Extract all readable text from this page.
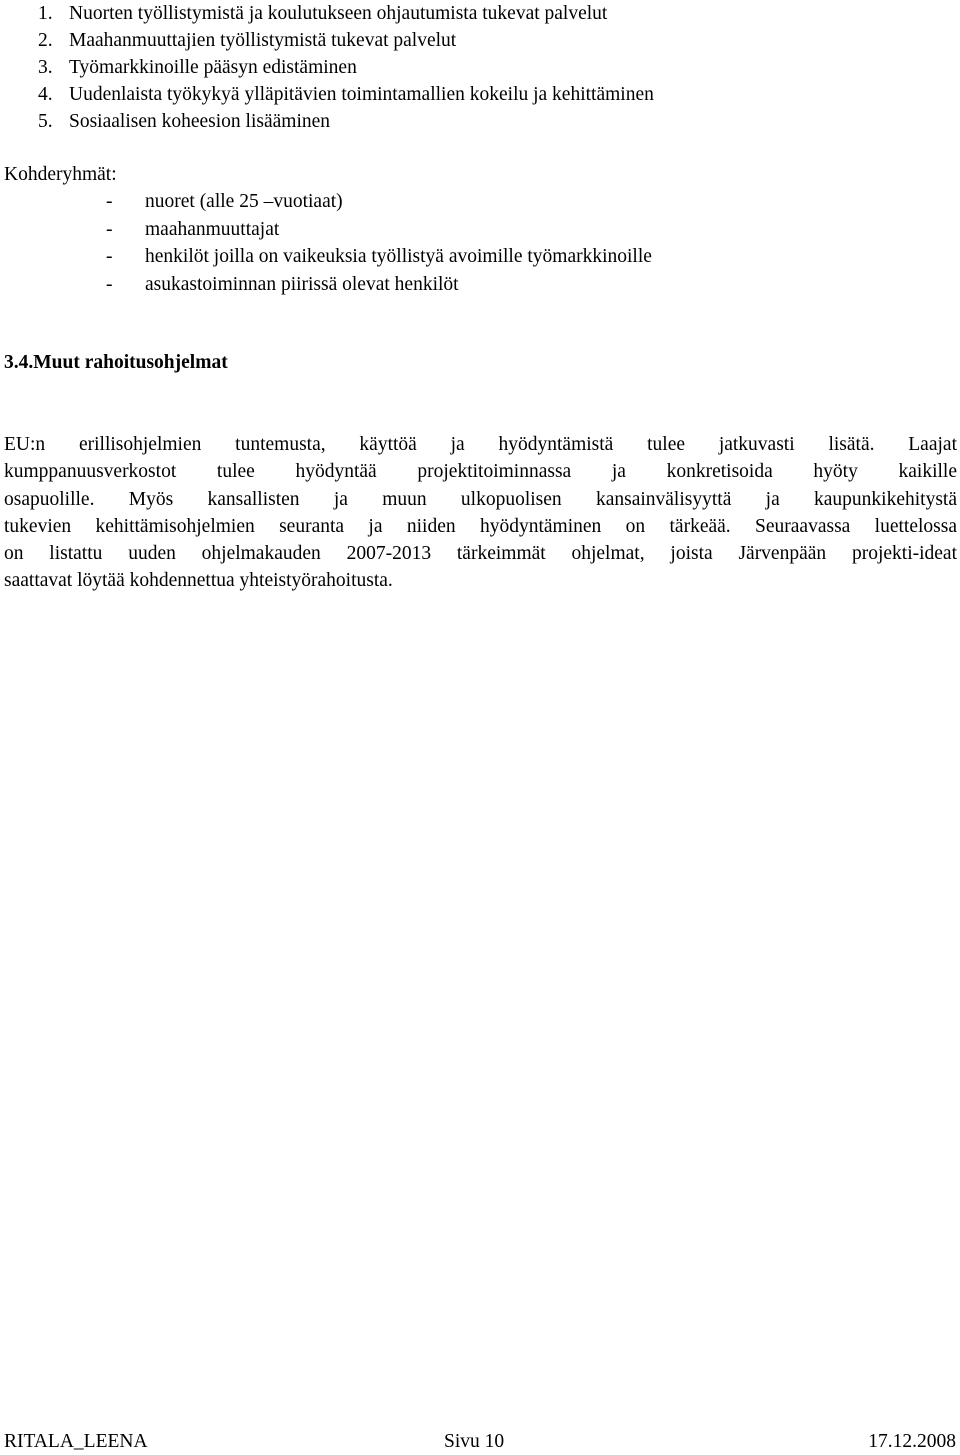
1. Nuorten työllistymistä ja koulutukseen ohjautumista tukevat palvelut
2. Maahanmuuttajien työllistymistä tukevat palvelut
3. Työmarkkinoille pääsyn edistäminen
4. Uudenlaista työkykyä ylläpitävien toimintamallien kokeilu ja kehittäminen
5. Sosiaalisen koheesion lisääminen
Kohderyhmät:
- nuoret (alle 25 –vuotiaat)
- maahanmuuttajat
- henkilöt joilla on vaikeuksia työllistyä avoimille työmarkkinoille
- asukastoiminnan piirissä olevat henkilöt
3.4.Muut rahoitusohjelmat
EU:n erillisohjelmien tuntemusta, käyttöä ja hyödyntämistä tulee jatkuvasti lisätä. Laajat
kumppanuusverkostot tulee hyödyntää projektitoiminnassa ja konkretisoida hyöty kaikille
osapuolille. Myös kansallisten ja muun ulkopuolisen kansainvälisyyttä ja kaupunkikehitystä
tukevien kehittämisohjelmien seuranta ja niiden hyödyntäminen on tärkeää. Seuraavassa luettelossa
on listattu uuden ohjelmakauden 2007-2013 tärkeimmät ohjelmat, joista Järvenpään projekti-ideat
saattavat löytää kohdennettua yhteistyörahoitusta.
RITALA_LEENA	Sivu 10	17.12.2008
